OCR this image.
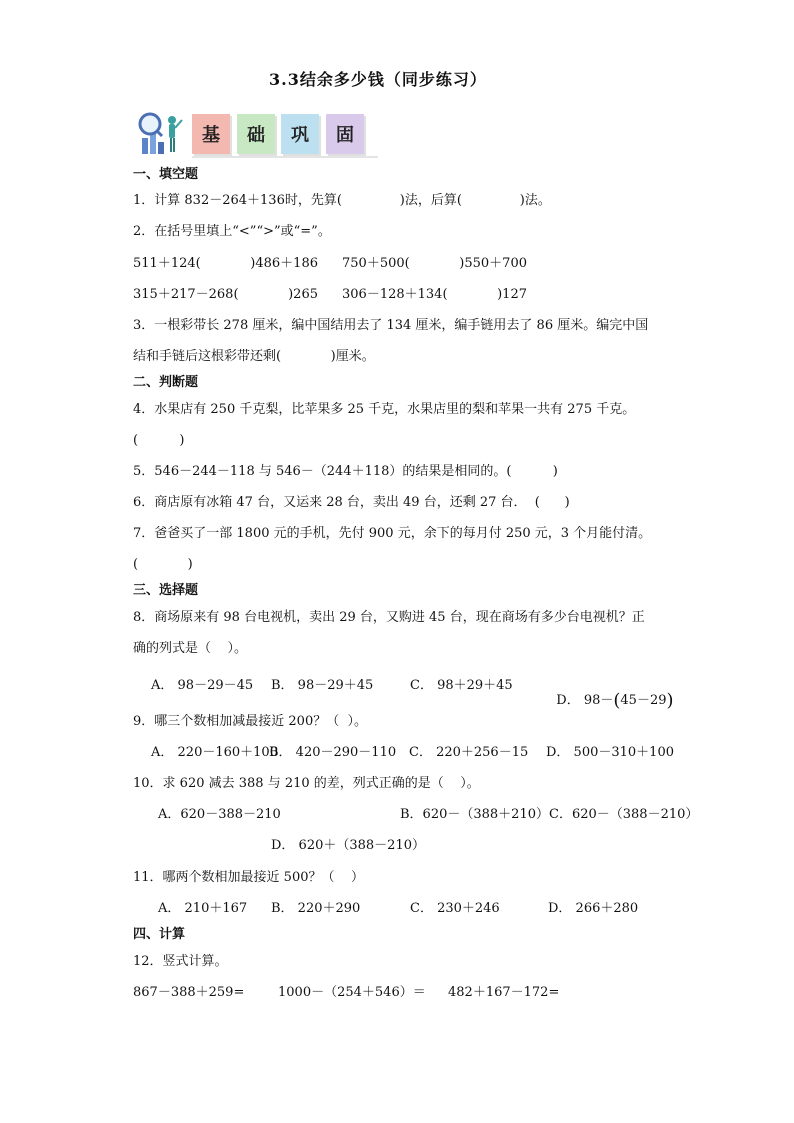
3.3结余多少钱（同步练习）
基	础	巩	固
一、填空题
1．计算 832－264＋136时，先算(              )法，后算(              )法。
2．在括号里填上“<”“>”或“=”。
511＋124(            )486＋186 750＋500(            )550＋700
315＋217－268(            )265 306－128＋134(            )127
3．一根彩带长 278 厘米，编中国结用去了 134 厘米，编手链用去了 86 厘米。编完中国
结和手链后这根彩带还剩(            )厘米。
二、判断题
4．水果店有 250 千克梨，比苹果多 25 千克，水果店里的梨和苹果一共有 275 千克。
(          )
5．546－244－118 与 546－（244＋118）的结果是相同的。(          )
6．商店原有冰箱 47 台，又运来 28 台，卖出 49 台，还剩 27 台．  (      )
7．爸爸买了一部 1800 元的手机，先付 900 元，余下的每月付 250 元，3 个月能付清。
(            )
三、选择题
8．商场原来有 98 台电视机，卖出 29 台，又购进 45 台，现在商场有多少台电视机？正
确的列式是（    ）。
A． 98－29－45 B． 98－29＋45	C． 98＋29＋45

D． 98－(45－29)

9．哪三个数相加减最接近 200？（  ）。
A． 220－160＋100
B． 420－290－110 C． 220＋256－15 D． 500－310＋100
10．求 620 减去 388 与 210 的差，列式正确的是（    ）。
A．620－388－210	B．620－（388＋210）C．620－（388－210）
D． 620＋（388－210）
11．哪两个数相加最接近 500？（    ）
A． 210＋167 B． 220＋290	C． 230＋246	D． 266＋280
四、计算
12．竖式计算。
867－388＋259=	1000－（254＋546）＝ 482＋167－172=
